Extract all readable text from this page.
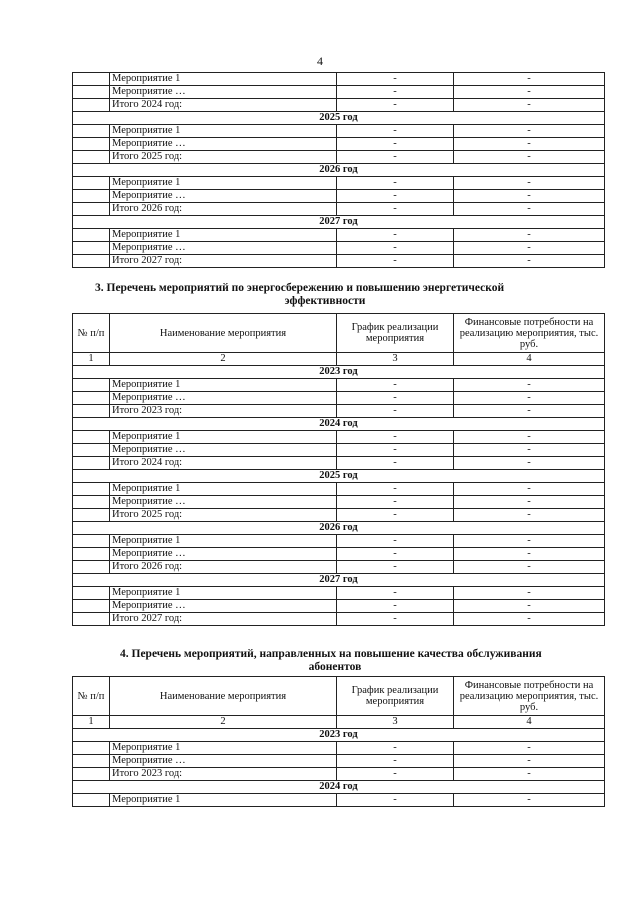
4
	Мероприятие 1	-	-
	Мероприятие …	-	-
	Итого 2024 год:	-	-
2025 год			
	Мероприятие 1	-	-
	Мероприятие …	-	-
	Итого 2025 год:	-	-
2026 год			
	Мероприятие 1	-	-
	Мероприятие …	-	-
	Итого 2026 год:	-	-
2027 год			
	Мероприятие 1	-	-
	Мероприятие …	-	-
	Итого 2027 год:	-	-
3. Перечень мероприятий по энергосбережению и повышению энергетической
эффективности
№ п/п	Наименование мероприятия	График реализации мероприятия	Финансовые потребности на реализацию мероприятия, тыс. руб.
1	2	3	4
2023 год			
	Мероприятие 1	-	-
	Мероприятие …	-	-
	Итого 2023 год:	-	-
2024 год			
	Мероприятие 1	-	-
	Мероприятие …	-	-
	Итого 2024 год:	-	-
2025 год			
	Мероприятие 1	-	-
	Мероприятие …	-	-
	Итого 2025 год:	-	-
2026 год			
	Мероприятие 1	-	-
	Мероприятие …	-	-
	Итого 2026 год:	-	-
2027 год			
	Мероприятие 1	-	-
	Мероприятие …	-	-
	Итого 2027 год:	-	-
4. Перечень мероприятий, направленных на повышение качества обслуживания
абонентов
№ п/п	Наименование мероприятия	График реализации мероприятия	Финансовые потребности на реализацию мероприятия, тыс. руб.
1	2	3	4
2023 год			
	Мероприятие 1	-	-
	Мероприятие …	-	-
	Итого 2023 год:	-	-
2024 год			
	Мероприятие 1	-	-
